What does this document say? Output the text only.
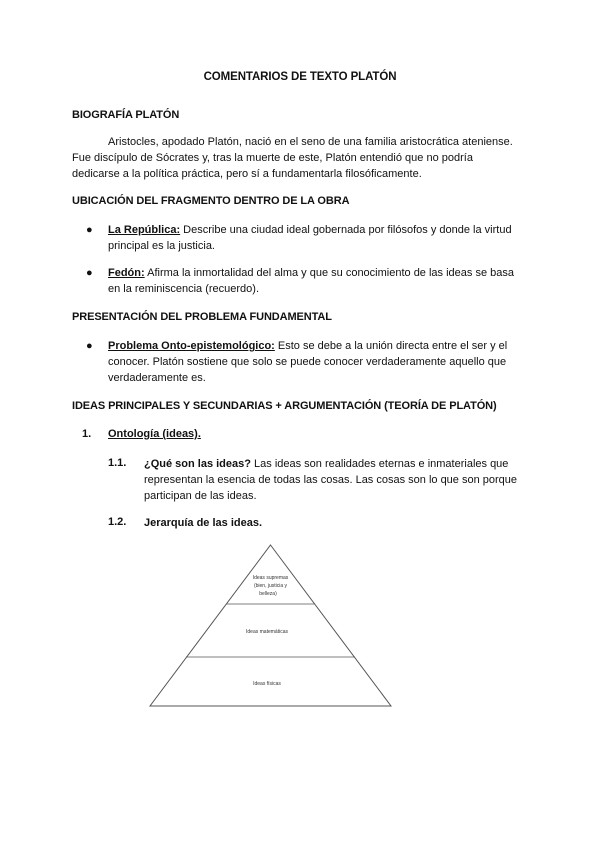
COMENTARIOS DE TEXTO PLATÓN
BIOGRAFÍA PLATÓN
Aristocles, apodado Platón, nació en el seno de una familia aristocrática ateniense.
Fue discípulo de Sócrates y, tras la muerte de este, Platón entendió que no podría
dedicarse a la política práctica, pero sí a fundamentarla filosóficamente.
UBICACIÓN DEL FRAGMENTO DENTRO DE LA OBRA
● La República: Describe una ciudad ideal gobernada por filósofos y donde la virtud principal es la justicia.
● Fedón: Afirma la inmortalidad del alma y que su conocimiento de las ideas se basa en la reminiscencia (recuerdo).
PRESENTACIÓN DEL PROBLEMA FUNDAMENTAL
● Problema Onto-epistemológico: Esto se debe a la unión directa entre el ser y el conocer. Platón sostiene que solo se puede conocer verdaderamente aquello que verdaderamente es.
IDEAS PRINCIPALES Y SECUNDARIAS + ARGUMENTACIÓN (TEORÍA DE PLATÓN)
1. Ontología (ideas).
1.1. ¿Qué son las ideas? Las ideas son realidades eternas e inmateriales que representan la esencia de todas las cosas. Las cosas son lo que son porque participan de las ideas.
1.2. Jerarquía de las ideas.
Ideas supremas
(bien, justicia y
belleza)
Ideas matemáticas
Ideas físicas
